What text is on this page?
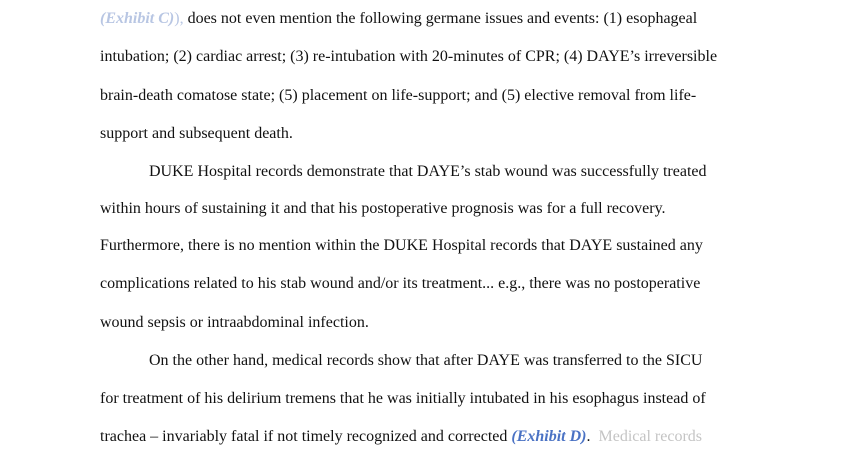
(Exhibit C)), does not even mention the following germane issues and events: (1) esophageal
intubation; (2) cardiac arrest; (3) re-intubation with 20-minutes of CPR; (4) DAYE’s irreversible
brain-death comatose state; (5) placement on life-support; and (5) elective removal from life-
support and subsequent death.
DUKE Hospital records demonstrate that DAYE’s stab wound was successfully treated
within hours of sustaining it and that his postoperative prognosis was for a full recovery.
Furthermore, there is no mention within the DUKE Hospital records that DAYE sustained any
complications related to his stab wound and/or its treatment... e.g., there was no postoperative
wound sepsis or intraabdominal infection.
On the other hand, medical records show that after DAYE was transferred to the SICU
for treatment of his delirium tremens that he was initially intubated in his esophagus instead of
trachea – invariably fatal if not timely recognized and corrected (Exhibit D).  Medical records
